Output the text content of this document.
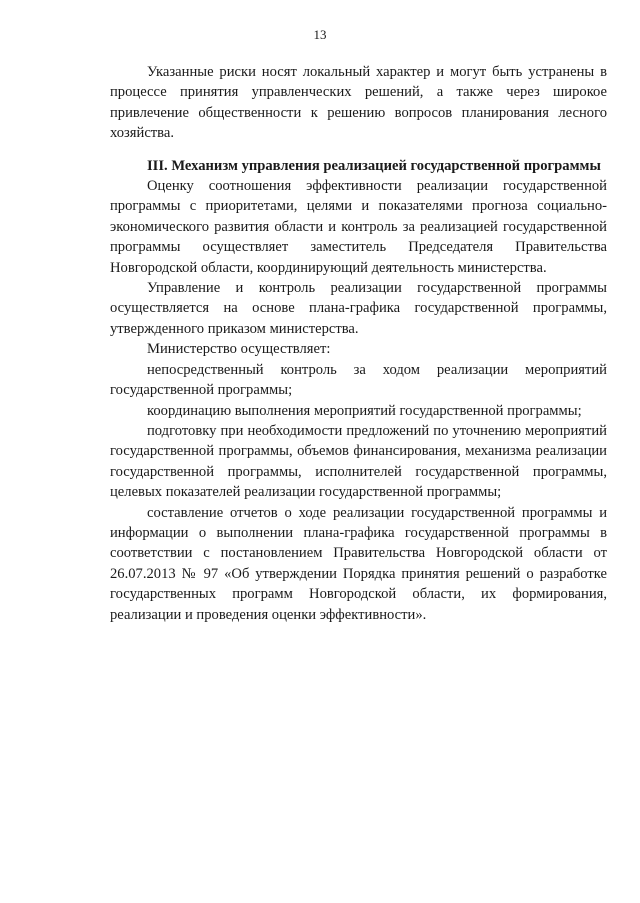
13

Указанные риски носят локальный характер и могут быть устранены в процессе принятия управленческих решений, а также через широкое привлечение общественности к решению вопросов планирования лесного хозяйства.

III. Механизм управления реализацией государственной программы

Оценку соотношения эффективности реализации государственной программы с приоритетами, целями и показателями прогноза социально-экономического развития области и контроль за реализацией государственной программы осуществляет заместитель Председателя Правительства Новгородской области, координирующий деятельность министерства.

Управление и контроль реализации государственной программы осуществляется на основе плана-графика государственной программы, утвержденного приказом министерства.

Министерство осуществляет:

непосредственный контроль за ходом реализации мероприятий государственной программы;

координацию выполнения мероприятий государственной программы;

подготовку при необходимости предложений по уточнению мероприятий государственной программы, объемов финансирования, механизма реализации государственной программы, исполнителей государственной программы, целевых показателей реализации государственной программы;

составление отчетов о ходе реализации государственной программы и информации о выполнении плана-графика государственной программы в соответствии с постановлением Правительства Новгородской области от 26.07.2013 № 97 «Об утверждении Порядка принятия решений о разработке государственных программ Новгородской области, их формирования, реализации и проведения оценки эффективности».
